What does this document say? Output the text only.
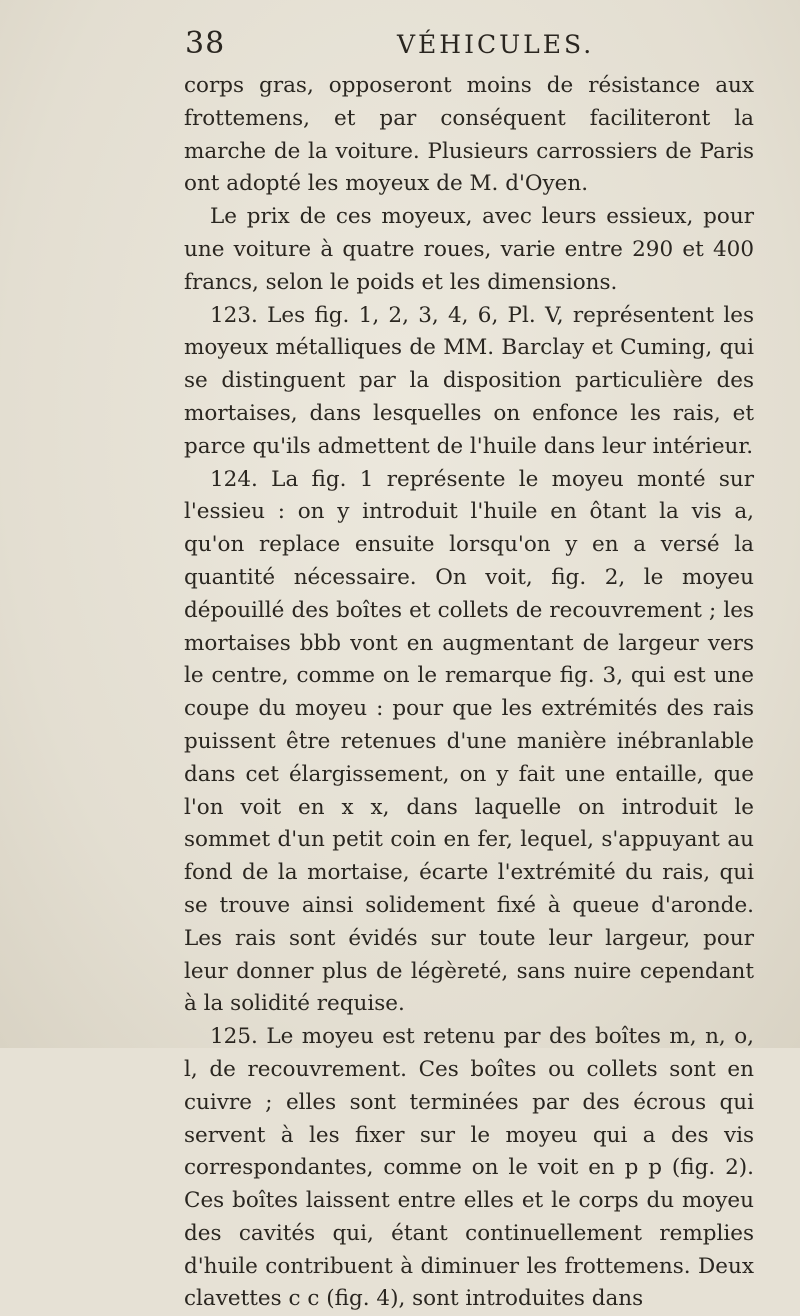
38	VÉHICULES.

corps gras, opposeront moins de résistance aux frottemens, et par conséquent faciliteront la marche de la voiture. Plusieurs carrossiers de Paris ont adopté les moyeux de M. d'Oyen.

Le prix de ces moyeux, avec leurs essieux, pour une voiture à quatre roues, varie entre 290 et 400 francs, selon le poids et les dimensions.

123. Les fig. 1, 2, 3, 4, 6, Pl. V, représentent les moyeux métalliques de MM. Barclay et Cuming, qui se distinguent par la disposition particulière des mortaises, dans lesquelles on enfonce les rais, et parce qu'ils admettent de l'huile dans leur intérieur.

124. La fig. 1 représente le moyeu monté sur l'essieu : on y introduit l'huile en ôtant la vis a, qu'on replace ensuite lorsqu'on y en a versé la quantité nécessaire. On voit, fig. 2, le moyeu dépouillé des boîtes et collets de recouvrement ; les mortaises bbb vont en augmentant de largeur vers le centre, comme on le remarque fig. 3, qui est une coupe du moyeu : pour que les extrémités des rais puissent être retenues d'une manière inébranlable dans cet élargissement, on y fait une entaille, que l'on voit en x x, dans laquelle on introduit le sommet d'un petit coin en fer, lequel, s'appuyant au fond de la mortaise, écarte l'extrémité du rais, qui se trouve ainsi solidement fixé à queue d'aronde. Les rais sont évidés sur toute leur largeur, pour leur donner plus de légèreté, sans nuire cependant à la solidité requise.

125. Le moyeu est retenu par des boîtes m, n, o, l, de recouvrement. Ces boîtes ou collets sont en cuivre ; elles sont terminées par des écrous qui servent à les fixer sur le moyeu qui a des vis correspondantes, comme on le voit en p p (fig. 2). Ces boîtes laissent entre elles et le corps du moyeu des cavités qui, étant continuellement remplies d'huile contribuent à diminuer les frottemens. Deux clavettes c c (fig. 4), sont introduites dans
